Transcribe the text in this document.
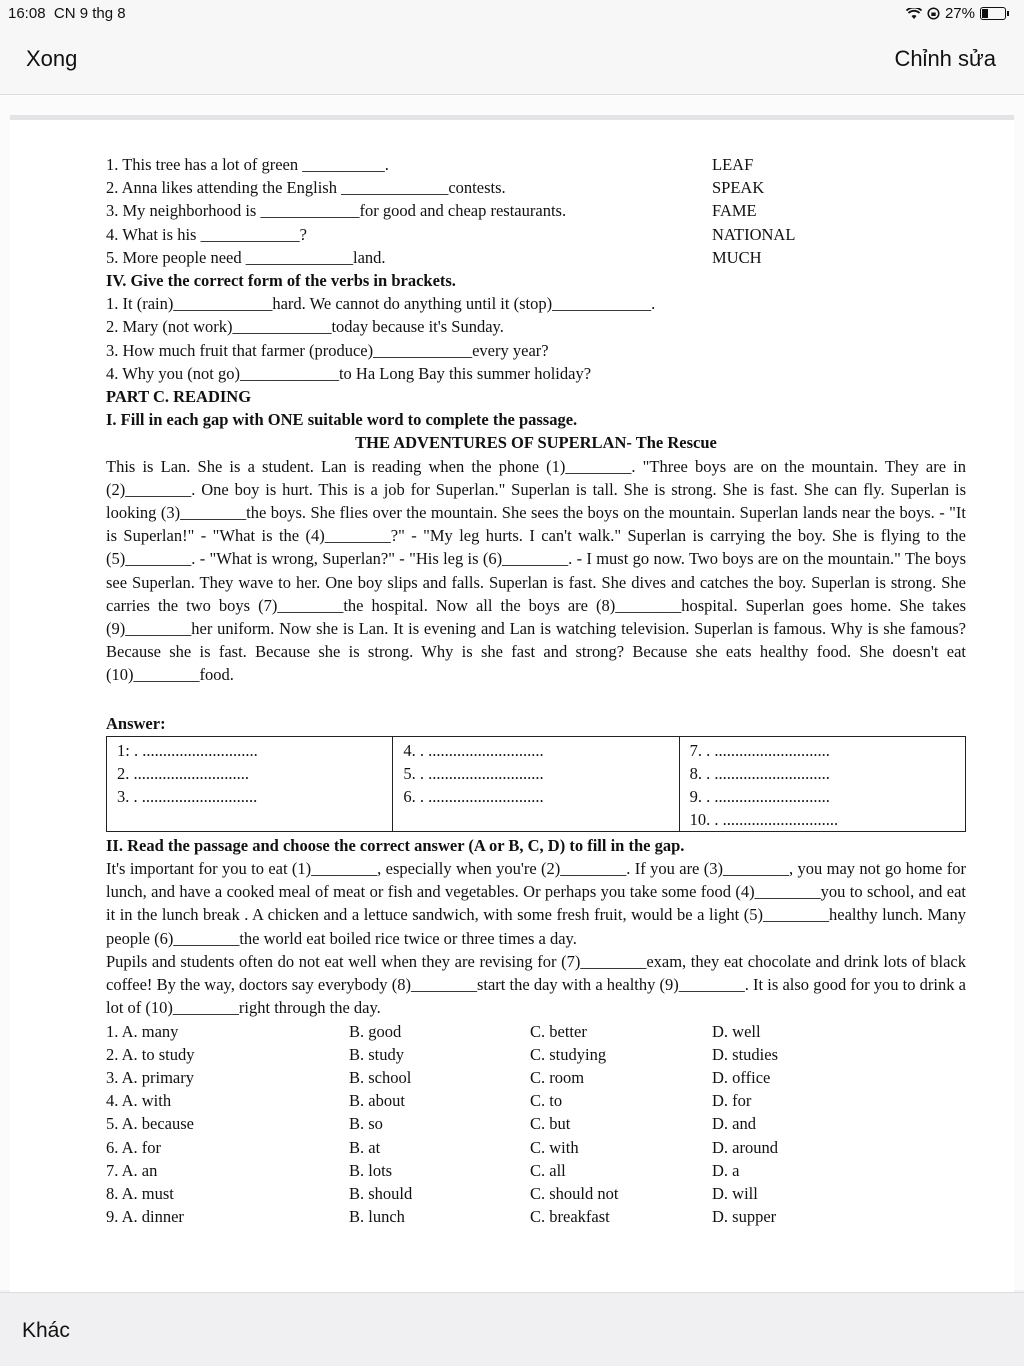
16:08 CN 9 thg 8	27%
Xong	Chỉnh sửa
1. This tree has a lot of green __________.	LEAF
2. Anna likes attending the English _____________contests.	SPEAK
3. My neighborhood is ____________for good and cheap restaurants.	FAME
4. What is his ____________?	NATIONAL
5. More people need _____________land.	MUCH
IV. Give the correct form of the verbs in brackets.
1. It (rain)____________hard. We cannot do anything until it (stop)____________.
2. Mary (not work)____________today because it's Sunday.
3. How much fruit that farmer (produce)____________every year?
4. Why you (not go)____________to Ha Long Bay this summer holiday?
PART C. READING
I. Fill in each gap with ONE suitable word to complete the passage.
THE ADVENTURES OF SUPERLAN- The Rescue
This is Lan. She is a student. Lan is reading when the phone (1)________. "Three boys are on the mountain. They are in (2)________. One boy is hurt. This is a job for Superlan." Superlan is tall. She is strong. She is fast. She can fly. Superlan is looking (3)________the boys. She flies over the mountain. She sees the boys on the mountain. Superlan lands near the boys. - "It is Superlan!" - "What is the (4)________?" - "My leg hurts. I can't walk." Superlan is carrying the boy. She is flying to the (5)________. - "What is wrong, Superlan?" - "His leg is (6)________. - I must go now. Two boys are on the mountain." The boys see Superlan. They wave to her. One boy slips and falls. Superlan is fast. She dives and catches the boy. Superlan is strong. She carries the two boys (7)________the hospital. Now all the boys are (8)________hospital. Superlan goes home. She takes (9)________her uniform. Now she is Lan. It is evening and Lan is watching television. Superlan is famous. Why is she famous? Because she is fast. Because she is strong. Why is she fast and strong? Because she eats healthy food. She doesn't eat (10)________food.
Answer:
1: . ............................
2. ............................
3. . ............................

4. . ............................
5. . ............................
6. . ............................

7. . ............................
8. . ............................
9. . ............................
10. . ............................
II. Read the passage and choose the correct answer (A or B, C, D) to fill in the gap.
It's important for you to eat (1)________, especially when you're (2)________. If you are (3)________, you may not go home for lunch, and have a cooked meal of meat or fish and vegetables. Or perhaps you take some food (4)________you to school, and eat it in the lunch break . A chicken and a lettuce sandwich, with some fresh fruit, would be a light (5)________healthy lunch. Many people (6)________the world eat boiled rice twice or three times a day.
Pupils and students often do not eat well when they are revising for (7)________exam, they eat chocolate and drink lots of black coffee! By the way, doctors say everybody (8)________start the day with a healthy (9)________. It is also good for you to drink a lot of (10)________right through the day.
1. A. many	B. good	C. better	D. well
2. A. to study	B. study	C. studying	D. studies
3. A. primary	B. school	C. room	D. office
4. A. with	B. about	C. to	D. for
5. A. because	B. so	C. but	D. and
6. A. for	B. at	C. with	D. around
7. A. an	B. lots	C. all	D. a
8. A. must	B. should	C. should not	D. will
9. A. dinner	B. lunch	C. breakfast	D. supper
Khác
